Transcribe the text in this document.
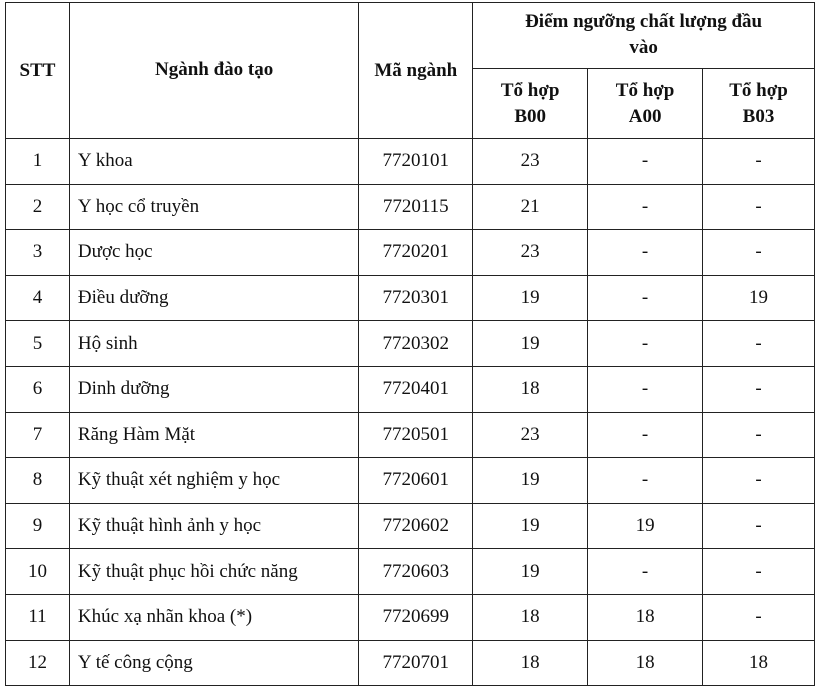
STT	Ngành đào tạo	Mã ngành	Điểm ngưỡng chất lượng đầu vào		
			Tổ hợp B00	Tổ hợp A00	Tổ hợp B03
1	Y khoa	7720101	23	-	-
2	Y học cổ truyền	7720115	21	-	-
3	Dược học	7720201	23	-	-
4	Điều dưỡng	7720301	19	-	19
5	Hộ sinh	7720302	19	-	-
6	Dinh dưỡng	7720401	18	-	-
7	Răng Hàm Mặt	7720501	23	-	-
8	Kỹ thuật xét nghiệm y học	7720601	19	-	-
9	Kỹ thuật hình ảnh y học	7720602	19	19	-
10	Kỹ thuật phục hồi chức năng	7720603	19	-	-
11	Khúc xạ nhãn khoa (*)	7720699	18	18	-
12	Y tế công cộng	7720701	18	18	18
